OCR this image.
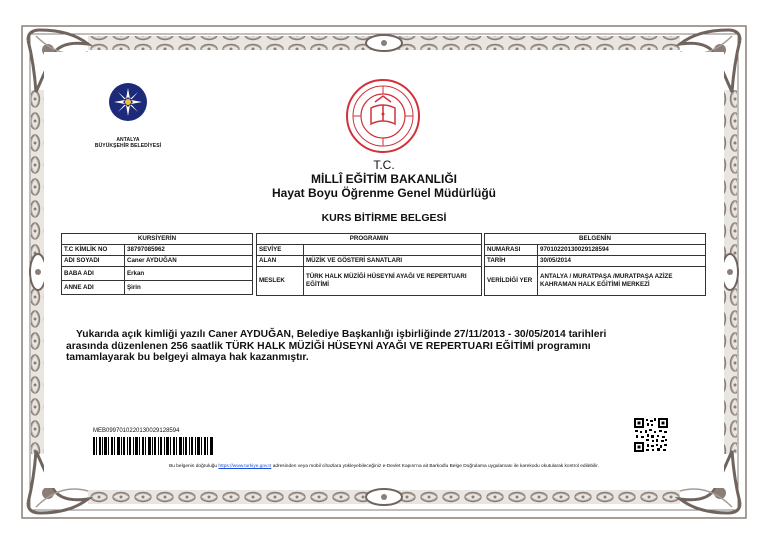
ANTALYA
BÜYÜKŞEHİR BELEDİYESİ
T.C.
MİLLÎ EĞİTİM BAKANLIĞI
Hayat Boyu Öğrenme Genel Müdürlüğü
KURS BİTİRME BELGESİ
KURSİYERİN	
T.C KİMLİK NO	38797085962
ADI SOYADI	Caner AYDUĞAN
BABA ADI	Erkan
ANNE ADI	Şirin
PROGRAMIN	
SEVİYE	
ALAN	MÜZİK VE GÖSTERİ SANATLARI
MESLEK	TÜRK HALK MÜZİĞİ HÜSEYNİ AYAĞI VE REPERTUARI EĞİTİMİ
BELGENİN	
NUMARASI	970102201300291285​94
TARİH	30/05/2014
VERİLDİĞİ YER	ANTALYA / MURATPAŞA /MURATPAŞA AZİZE KAHRAMAN HALK EĞİTİMİ MERKEZİ
Yukarıda açık kimliği yazılı Caner AYDUĞAN, Belediye Başkanlığı işbirliğinde 27/11/2013 - 30/05/2014 tarihleri
arasında düzenlenen 256 saatlik TÜRK HALK MÜZİĞİ HÜSEYNİ AYAĞI VE REPERTUARI EĞİTİMİ programını
tamamlayarak bu belgeyi almaya hak kazanmıştır.
MEB0997010220130029128594
Bu belgenin doğruluğu https://www.turkiye.gov.tr adresinden veya mobil cihazlara yükleyebileceğiniz e-Devlet Kapısı'na ait Barkodlu Belge Doğrulama uygulaması ile karekodu okutularak kontrol edilebilir.
